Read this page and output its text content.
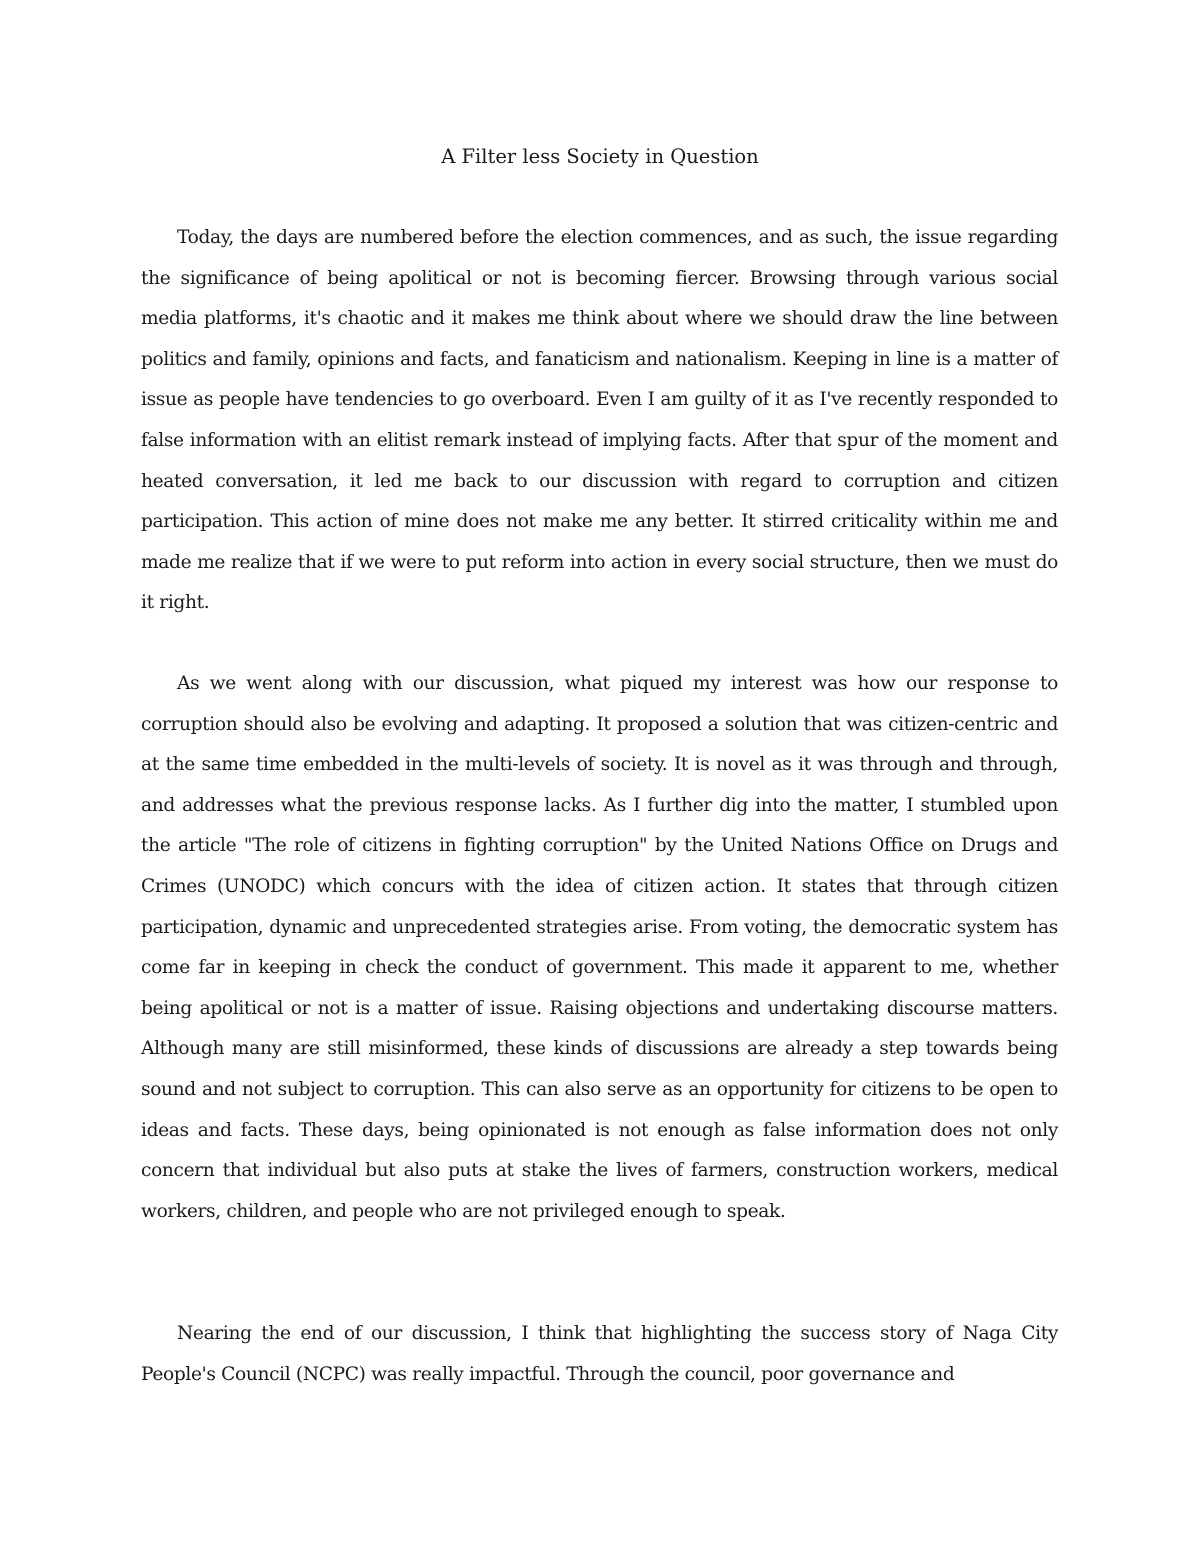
A Filter less Society in Question

Today, the days are numbered before the election commences, and as such, the issue regarding the significance of being apolitical or not is becoming fiercer. Browsing through various social media platforms, it's chaotic and it makes me think about where we should draw the line between politics and family, opinions and facts, and fanaticism and nationalism. Keeping in line is a matter of issue as people have tendencies to go overboard. Even I am guilty of it as I've recently responded to false information with an elitist remark instead of implying facts. After that spur of the moment and heated conversation, it led me back to our discussion with regard to corruption and citizen participation. This action of mine does not make me any better. It stirred criticality within me and made me realize that if we were to put reform into action in every social structure, then we must do it right.

As we went along with our discussion, what piqued my interest was how our response to corruption should also be evolving and adapting. It proposed a solution that was citizen-centric and at the same time embedded in the multi-levels of society. It is novel as it was through and through, and addresses what the previous response lacks. As I further dig into the matter, I stumbled upon the article "The role of citizens in fighting corruption" by the United Nations Office on Drugs and Crimes (UNODC) which concurs with the idea of citizen action. It states that through citizen participation, dynamic and unprecedented strategies arise. From voting, the democratic system has come far in keeping in check the conduct of government. This made it apparent to me, whether being apolitical or not is a matter of issue. Raising objections and undertaking discourse matters. Although many are still misinformed, these kinds of discussions are already a step towards being sound and not subject to corruption. This can also serve as an opportunity for citizens to be open to ideas and facts. These days, being opinionated is not enough as false information does not only concern that individual but also puts at stake the lives of farmers, construction workers, medical workers, children, and people who are not privileged enough to speak.

Nearing the end of our discussion, I think that highlighting the success story of Naga City People's Council (NCPC) was really impactful. Through the council, poor governance and
